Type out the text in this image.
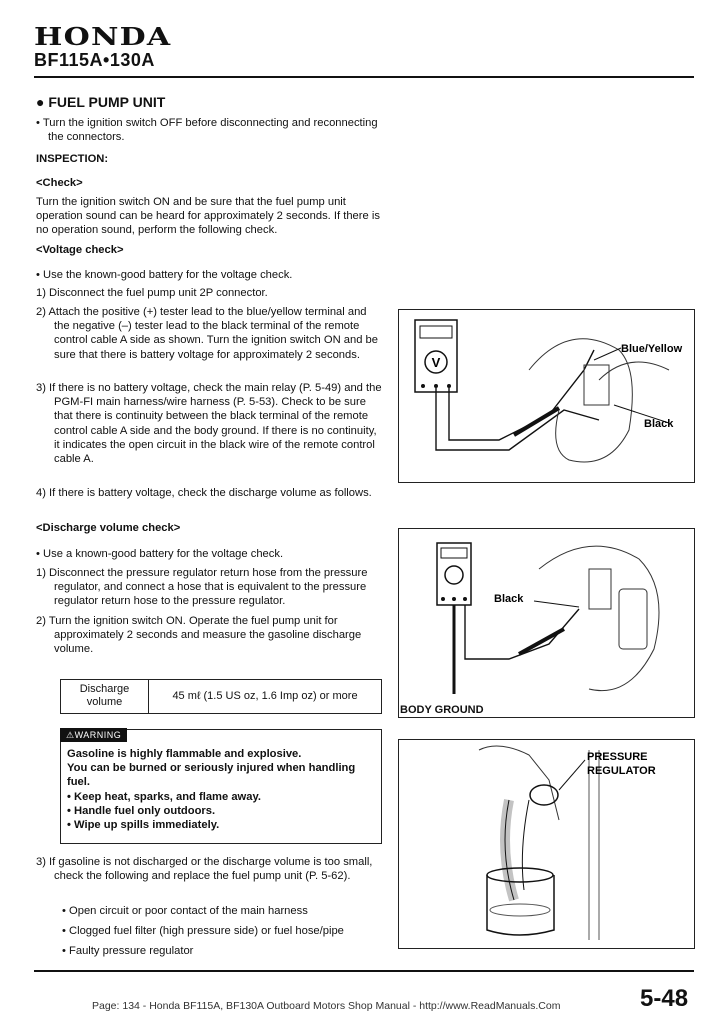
HONDA
BF115A•130A
● FUEL PUMP UNIT
• Turn the ignition switch OFF before disconnecting and reconnecting the connectors.
INSPECTION:
<Check>
Turn the ignition switch ON and be sure that the fuel pump unit operation sound can be heard for approximately 2 seconds. If there is no operation sound, perform the following check.
<Voltage check>
• Use the known-good battery for the voltage check.
1) Disconnect the fuel pump unit 2P connector.
2) Attach the positive (+) tester lead to the blue/yellow terminal and the negative (–) tester lead to the black terminal of the remote control cable A side as shown. Turn the ignition switch ON and be sure that there is battery voltage for approximately 2 seconds.
3) If there is no battery voltage, check the main relay (P. 5-49) and the PGM-FI main harness/wire harness (P. 5-53). Check to be sure that there is continuity between the black terminal of the remote control cable A side and the body ground. If there is no continuity, it indicates the open circuit in the black wire of the remote control cable A.
4) If there is battery voltage, check the discharge volume as follows.
<Discharge volume check>
• Use a known-good battery for the voltage check.
1) Disconnect the pressure regulator return hose from the pressure regulator, and connect a hose that is equivalent to the pressure regulator return hose to the pressure regulator.
2) Turn the ignition switch ON. Operate the fuel pump unit for approximately 2 seconds and measure the gasoline discharge volume.
Discharge volume	45 mℓ (1.5 US oz, 1.6 Imp oz) or more
Gasoline is highly flammable and explosive.
You can be burned or seriously injured when handling fuel.
• Keep heat, sparks, and flame away.
• Handle fuel only outdoors.
• Wipe up spills immediately.
⚠WARNING
3) If gasoline is not discharged or the discharge volume is too small, check the following and replace the fuel pump unit (P. 5-62).
• Open circuit or poor contact of the main harness
• Clogged fuel filter (high pressure side) or fuel hose/pipe
• Faulty pressure regulator
V
Blue/Yellow
Black
Black
BODY GROUND
PRESSURE
REGULATOR
Page: 134 - Honda BF115A, BF130A Outboard Motors Shop Manual - http://www.ReadManuals.Com	5-48
